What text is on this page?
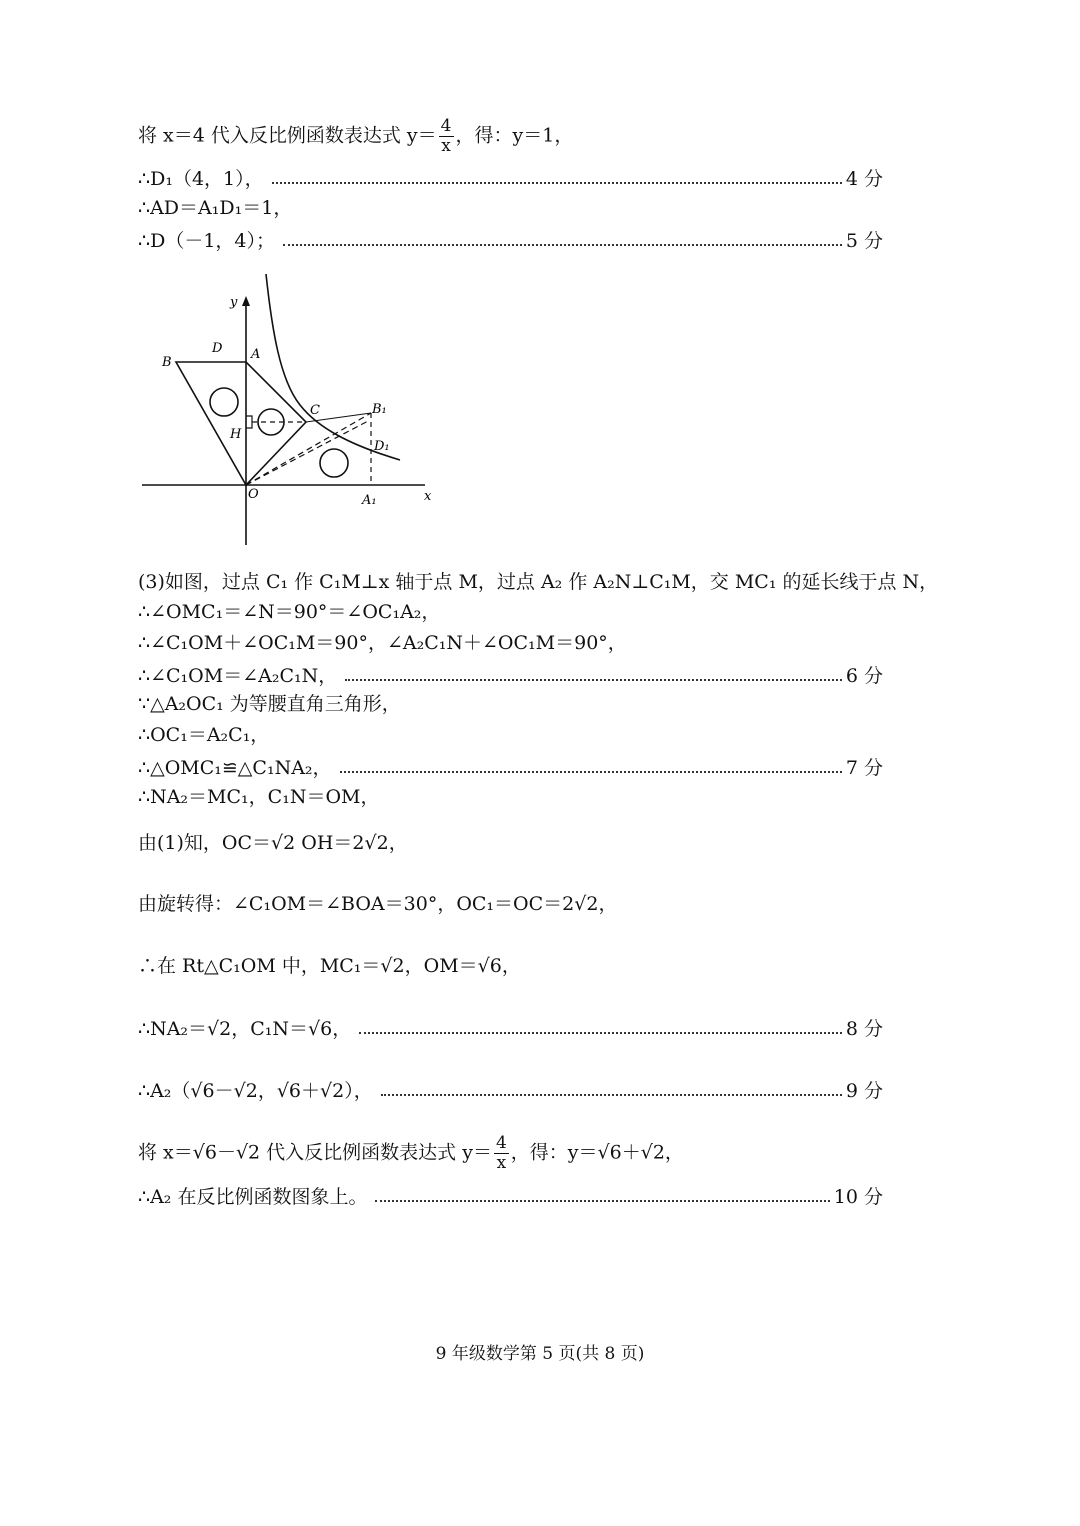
将 x＝4 代入反比例函数表达式 $y= \frac{4}{x}$ ，得：y＝1，
∴D₁（4，1），	4 分
∴AD＝A₁D₁＝1，
∴D（－1，4）；	5 分
y
x
O
A
B
C
D
H
A₁
B₁
D₁
(3)如图，过点 C₁ 作 C₁M⊥x 轴于点 M，过点 A₂ 作 A₂N⊥C₁M，交 MC₁ 的延长线于点 N，
∴∠OMC₁＝∠N＝90°＝∠OC₁A₂，
∴∠C₁OM＋∠OC₁M＝90°，∠A₂C₁N＋∠OC₁M＝90°，
∴∠C₁OM＝∠A₂C₁N，	6 分
∵△A₂OC₁ 为等腰直角三角形，
∴OC₁＝A₂C₁，
∴△OMC₁≌△C₁NA₂，	7 分
∴NA₂＝MC₁，C₁N＝OM，
由(1)知，OC＝√2 OH＝2√2，
由旋转得：∠C₁OM＝∠BOA＝30°，OC₁＝OC＝2√2，
∴在 Rt△C₁OM 中，MC₁＝√2，OM＝√6，
∴NA₂＝√2，C₁N＝√6，	8 分
∴A₂（√6－√2，√6＋√2），	9 分
将 x＝√6－√2 代入反比例函数表达式 $y= \frac{4}{x}$ ，得：y＝√6＋√2，
∴A₂ 在反比例函数图象上。	10 分
9 年级数学第 5 页(共 8 页)
